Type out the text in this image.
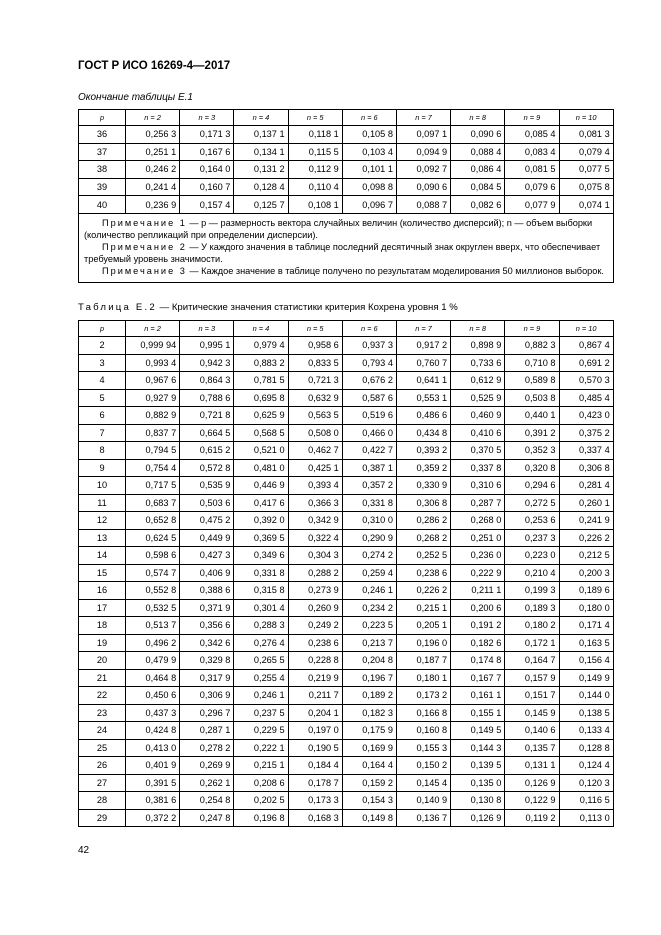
ГОСТ Р ИСО 16269-4—2017
Окончание таблицы Е.1
p	n = 2	n = 3	n = 4	n = 5	n = 6	n = 7	n = 8	n = 9	n = 10
36	0,256 3	0,171 3	0,137 1	0,118 1	0,105 8	0,097 1	0,090 6	0,085 4	0,081 3
37	0,251 1	0,167 6	0,134 1	0,115 5	0,103 4	0,094 9	0,088 4	0,083 4	0,079 4
38	0,246 2	0,164 0	0,131 2	0,112 9	0,101 1	0,092 7	0,086 4	0,081 5	0,077 5
39	0,241 4	0,160 7	0,128 4	0,110 4	0,098 8	0,090 6	0,084 5	0,079 6	0,075 8
40	0,236 9	0,157 4	0,125 7	0,108 1	0,096 7	0,088 7	0,082 6	0,077 9	0,074 1

Примечание 1 — p — размерность вектора случайных величин (количество дисперсий); n — объем выборки (количество репликаций при определении дисперсии).
Примечание 2 — У каждого значения в таблице последний десятичный знак округлен вверх, что обеспечивает требуемый уровень значимости.
Примечание 3 — Каждое значение в таблице получено по результатам моделирования 50 миллионов выборок.									
Таблица Е.2 — Критические значения статистики критерия Кохрена уровня 1 %
p	n = 2	n = 3	n = 4	n = 5	n = 6	n = 7	n = 8	n = 9	n = 10
2	0,999 94	0,995 1	0,979 4	0,958 6	0,937 3	0,917 2	0,898 9	0,882 3	0,867 4
3	0,993 4	0,942 3	0,883 2	0,833 5	0,793 4	0,760 7	0,733 6	0,710 8	0,691 2
4	0,967 6	0,864 3	0,781 5	0,721 3	0,676 2	0,641 1	0,612 9	0,589 8	0,570 3
5	0,927 9	0,788 6	0,695 8	0,632 9	0,587 6	0,553 1	0,525 9	0,503 8	0,485 4
6	0,882 9	0,721 8	0,625 9	0,563 5	0,519 6	0,486 6	0,460 9	0,440 1	0,423 0
7	0,837 7	0,664 5	0,568 5	0,508 0	0,466 0	0,434 8	0,410 6	0,391 2	0,375 2
8	0,794 5	0,615 2	0,521 0	0,462 7	0,422 7	0,393 2	0,370 5	0,352 3	0,337 4
9	0,754 4	0,572 8	0,481 0	0,425 1	0,387 1	0,359 2	0,337 8	0,320 8	0,306 8
10	0,717 5	0,535 9	0,446 9	0,393 4	0,357 2	0,330 9	0,310 6	0,294 6	0,281 4
11	0,683 7	0,503 6	0,417 6	0,366 3	0,331 8	0,306 8	0,287 7	0,272 5	0,260 1
12	0,652 8	0,475 2	0,392 0	0,342 9	0,310 0	0,286 2	0,268 0	0,253 6	0,241 9
13	0,624 5	0,449 9	0,369 5	0,322 4	0,290 9	0,268 2	0,251 0	0,237 3	0,226 2
14	0,598 6	0,427 3	0,349 6	0,304 3	0,274 2	0,252 5	0,236 0	0,223 0	0,212 5
15	0,574 7	0,406 9	0,331 8	0,288 2	0,259 4	0,238 6	0,222 9	0,210 4	0,200 3
16	0,552 8	0,388 6	0,315 8	0,273 9	0,246 1	0,226 2	0,211 1	0,199 3	0,189 6
17	0,532 5	0,371 9	0,301 4	0,260 9	0,234 2	0,215 1	0,200 6	0,189 3	0,180 0
18	0,513 7	0,356 6	0,288 3	0,249 2	0,223 5	0,205 1	0,191 2	0,180 2	0,171 4
19	0,496 2	0,342 6	0,276 4	0,238 6	0,213 7	0,196 0	0,182 6	0,172 1	0,163 5
20	0,479 9	0,329 8	0,265 5	0,228 8	0,204 8	0,187 7	0,174 8	0,164 7	0,156 4
21	0,464 8	0,317 9	0,255 4	0,219 9	0,196 7	0,180 1	0,167 7	0,157 9	0,149 9
22	0,450 6	0,306 9	0,246 1	0,211 7	0,189 2	0,173 2	0,161 1	0,151 7	0,144 0
23	0,437 3	0,296 7	0,237 5	0,204 1	0,182 3	0,166 8	0,155 1	0,145 9	0,138 5
24	0,424 8	0,287 1	0,229 5	0,197 0	0,175 9	0,160 8	0,149 5	0,140 6	0,133 4
25	0,413 0	0,278 2	0,222 1	0,190 5	0,169 9	0,155 3	0,144 3	0,135 7	0,128 8
26	0,401 9	0,269 9	0,215 1	0,184 4	0,164 4	0,150 2	0,139 5	0,131 1	0,124 4
27	0,391 5	0,262 1	0,208 6	0,178 7	0,159 2	0,145 4	0,135 0	0,126 9	0,120 3
28	0,381 6	0,254 8	0,202 5	0,173 3	0,154 3	0,140 9	0,130 8	0,122 9	0,116 5
29	0,372 2	0,247 8	0,196 8	0,168 3	0,149 8	0,136 7	0,126 9	0,119 2	0,113 0
42
